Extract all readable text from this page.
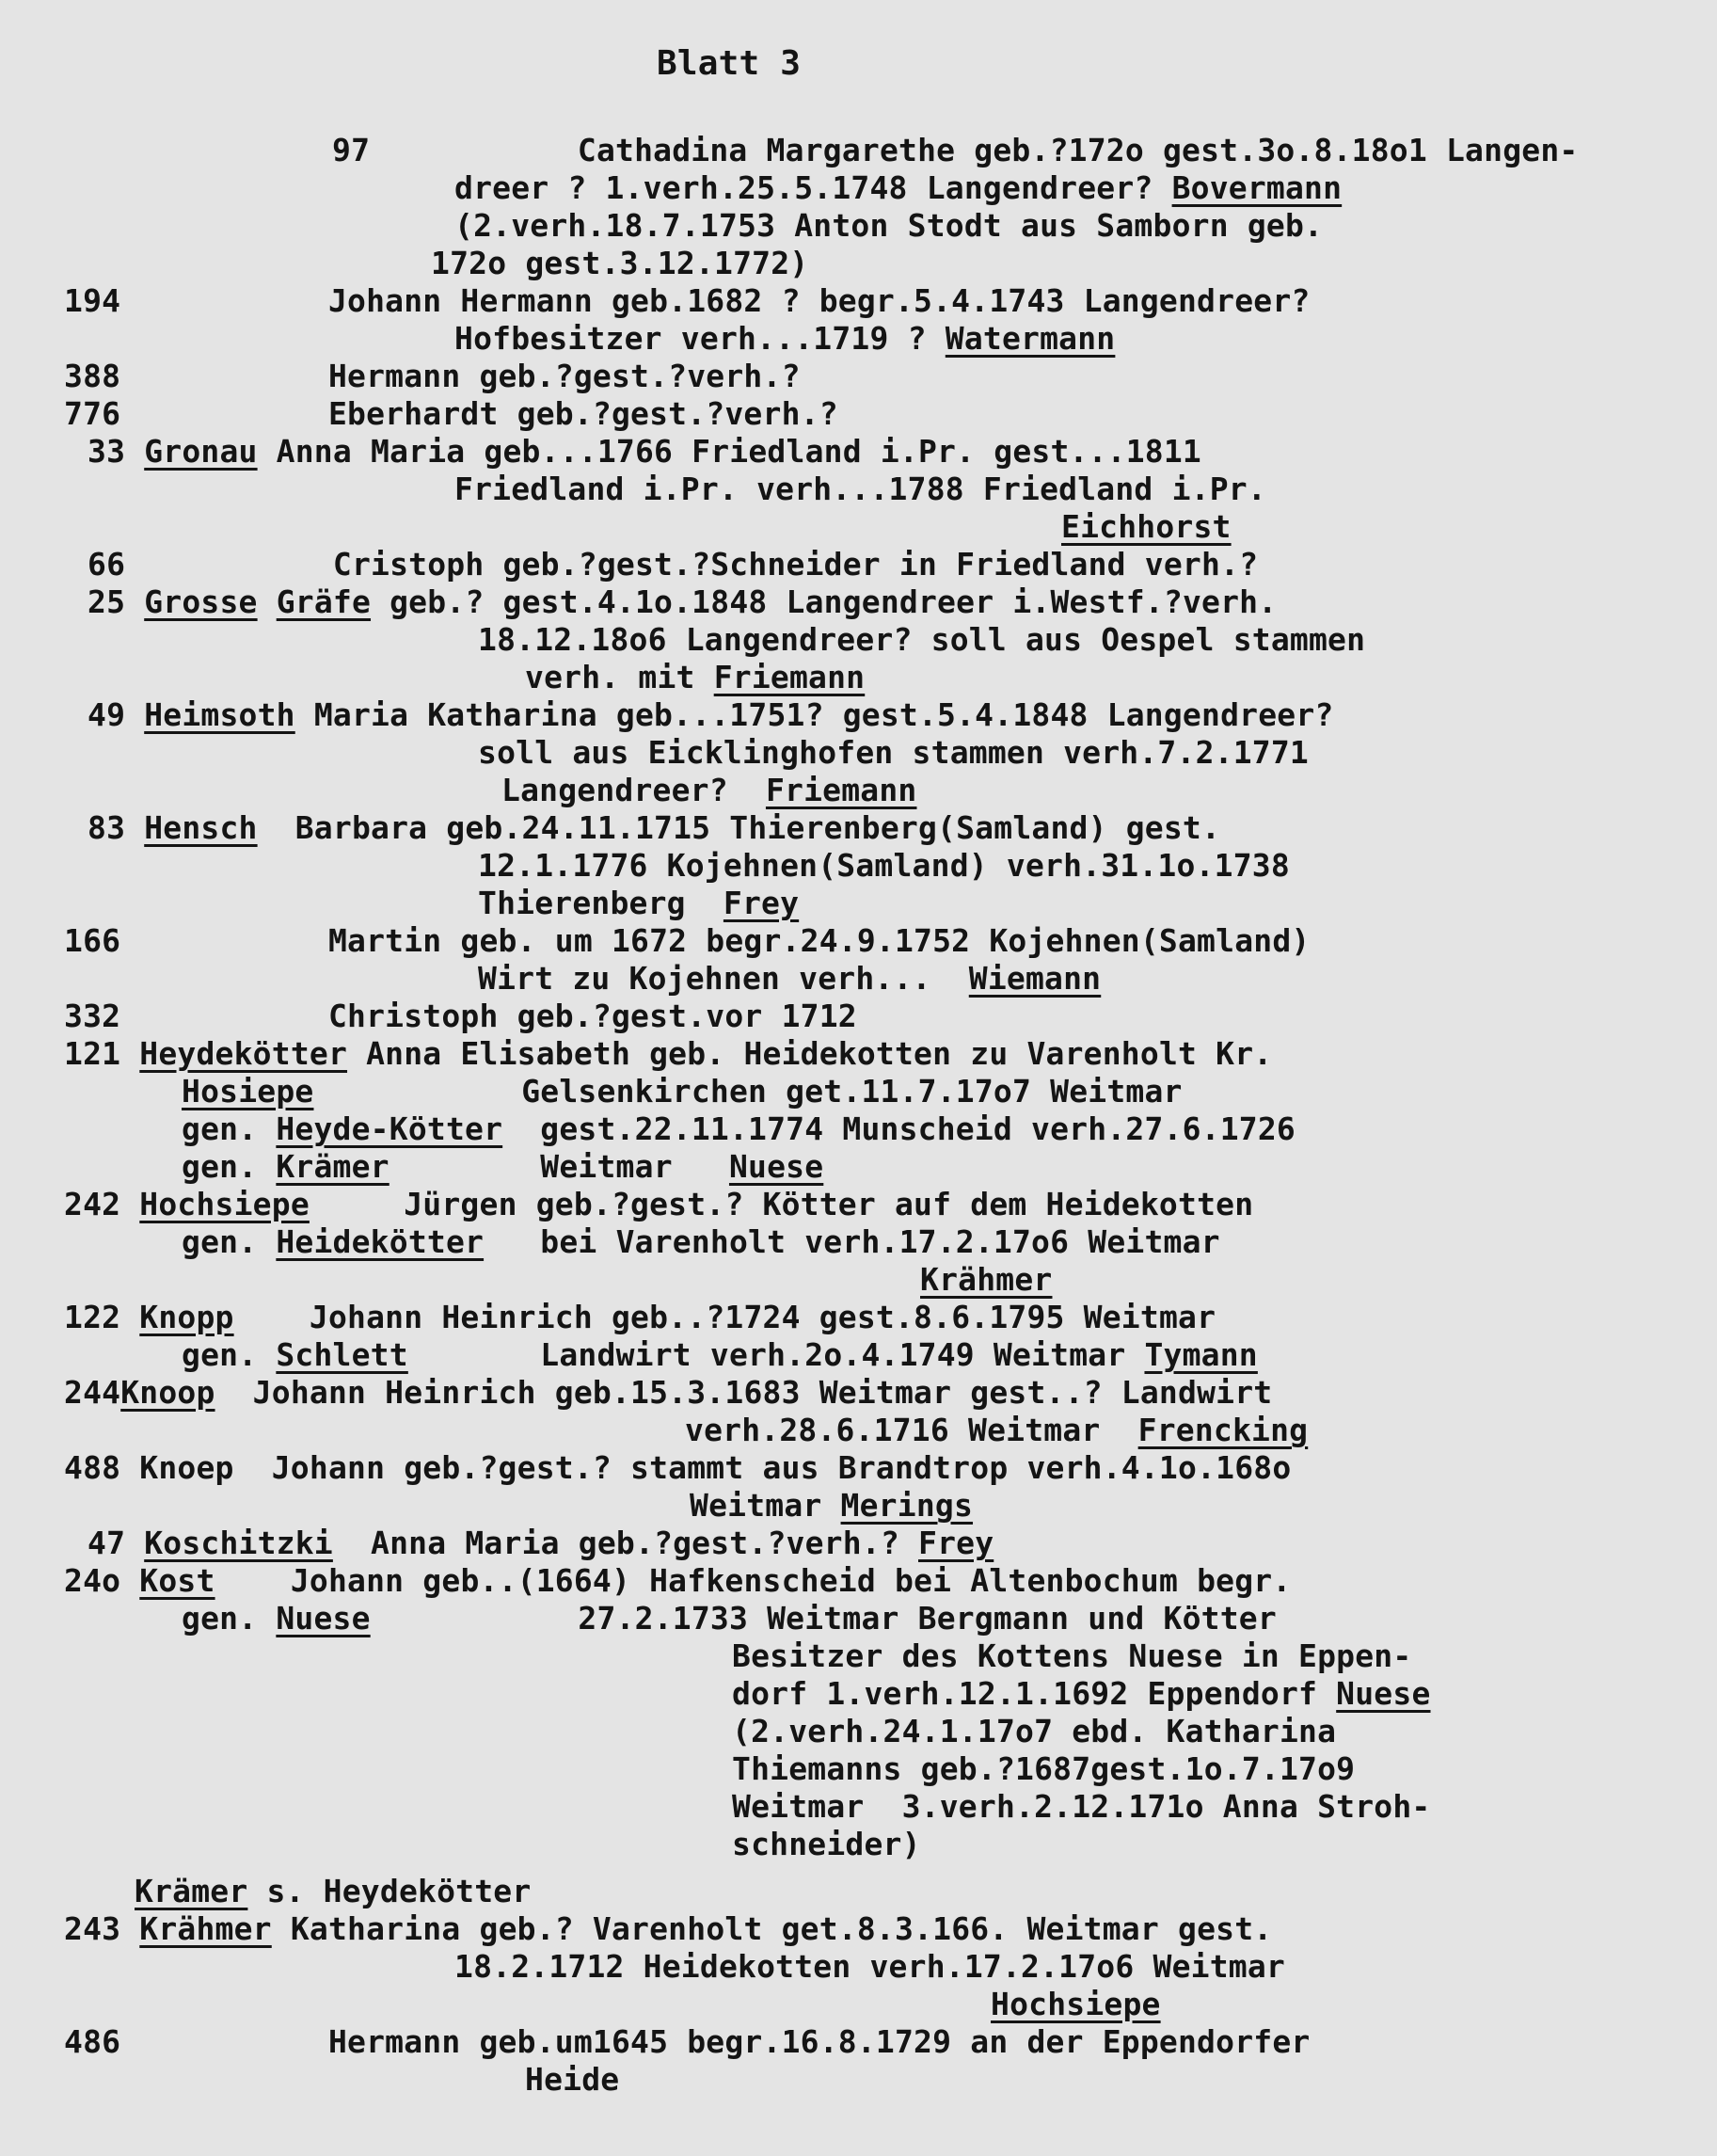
Blatt 3
97           Cathadina Margarethe geb.?172o gest.3o.8.18o1 Langen-
dreer ? 1.verh.25.5.1748 Langendreer? Bovermann
(2.verh.18.7.1753 Anton Stodt aus Samborn geb.
172o gest.3.12.1772)
194           Johann Hermann geb.1682 ? begr.5.4.1743 Langendreer?
Hofbesitzer verh...1719 ? Watermann
388           Hermann geb.?gest.?verh.?
776           Eberhardt geb.?gest.?verh.?
33 Gronau Anna Maria geb...1766 Friedland i.Pr. gest...1811
Friedland i.Pr. verh...1788 Friedland i.Pr.
Eichhorst
66           Cristoph geb.?gest.?Schneider in Friedland verh.?
25 Grosse Gräfe geb.? gest.4.1o.1848 Langendreer i.Westf.?verh.
18.12.18o6 Langendreer? soll aus Oespel stammen
verh. mit Friemann
49 Heimsoth Maria Katharina geb...1751? gest.5.4.1848 Langendreer?
soll aus Eicklinghofen stammen verh.7.2.1771
Langendreer?  Friemann
83 Hensch  Barbara geb.24.11.1715 Thierenberg(Samland) gest.
12.1.1776 Kojehnen(Samland) verh.31.1o.1738
Thierenberg  Frey
166           Martin geb. um 1672 begr.24.9.1752 Kojehnen(Samland)
Wirt zu Kojehnen verh...  Wiemann
332           Christoph geb.?gest.vor 1712
121 Heydekötter Anna Elisabeth geb. Heidekotten zu Varenholt Kr.
Hosiepe           Gelsenkirchen get.11.7.17o7 Weitmar
gen. Heyde-Kötter  gest.22.11.1774 Munscheid verh.27.6.1726
gen. Krämer        Weitmar   Nuese
242 Hochsiepe     Jürgen geb.?gest.? Kötter auf dem Heidekotten
gen. Heidekötter   bei Varenholt verh.17.2.17o6 Weitmar
Krähmer
122 Knopp    Johann Heinrich geb..?1724 gest.8.6.1795 Weitmar
gen. Schlett       Landwirt verh.2o.4.1749 Weitmar Tymann
244Knoop  Johann Heinrich geb.15.3.1683 Weitmar gest..? Landwirt
verh.28.6.1716 Weitmar  Frencking
488 Knoep  Johann geb.?gest.? stammt aus Brandtrop verh.4.1o.168o
Weitmar Merings
47 Koschitzki  Anna Maria geb.?gest.?verh.? Frey
24o Kost    Johann geb..(1664) Hafkenscheid bei Altenbochum begr.
gen. Nuese           27.2.1733 Weitmar Bergmann und Kötter
Besitzer des Kottens Nuese in Eppen-
dorf 1.verh.12.1.1692 Eppendorf Nuese
(2.verh.24.1.17o7 ebd. Katharina
Thiemanns geb.?1687gest.1o.7.17o9
Weitmar  3.verh.2.12.171o Anna Stroh-
schneider)
Krämer s. Heydekötter
243 Krähmer Katharina geb.? Varenholt get.8.3.166. Weitmar gest.
18.2.1712 Heidekotten verh.17.2.17o6 Weitmar
Hochsiepe
486           Hermann geb.um1645 begr.16.8.1729 an der Eppendorfer
Heide
